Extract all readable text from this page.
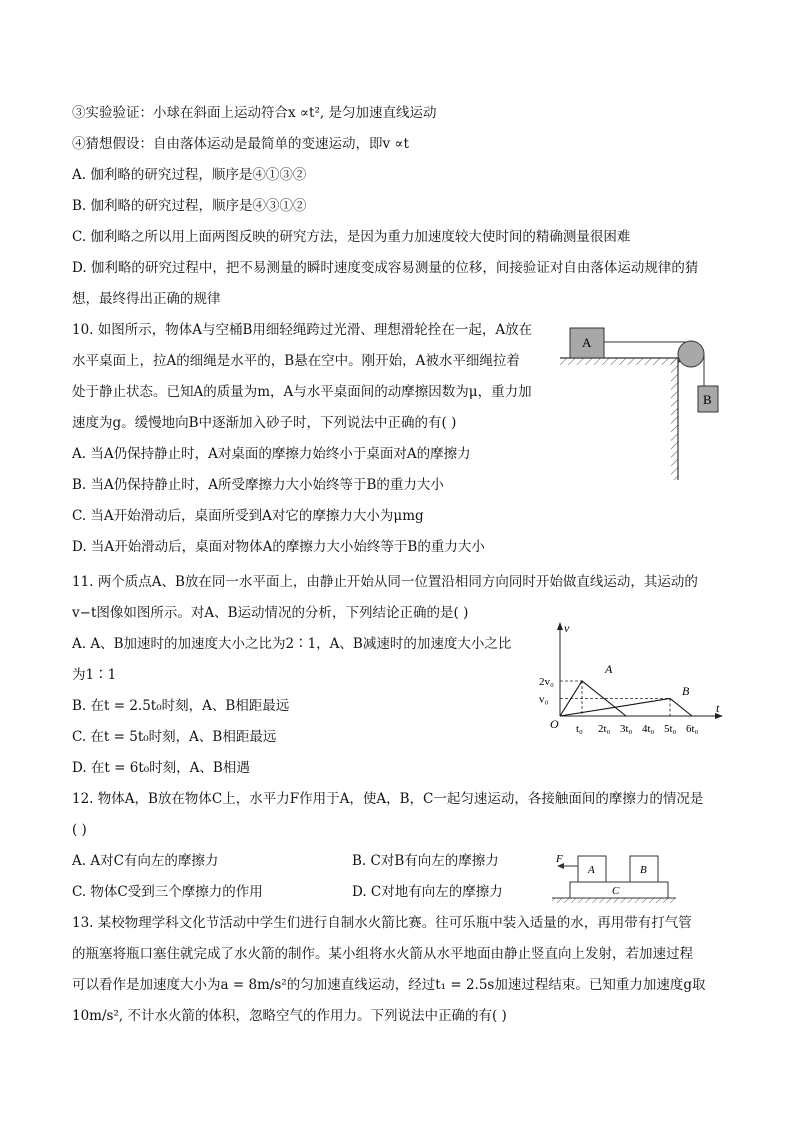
③实验验证：小球在斜面上运动符合x ∝t², 是匀加速直线运动
④猜想假设：自由落体运动是最简单的变速运动，即v ∝t
A. 伽利略的研究过程，顺序是④①③②
B. 伽利略的研究过程，顺序是④③①②
C. 伽利略之所以用上面两图反映的研究方法，是因为重力加速度较大使时间的精确测量很困难
D. 伽利略的研究过程中，把不易测量的瞬时速度变成容易测量的位移，间接验证对自由落体运动规律的猜
想，最终得出正确的规律
10. 如图所示，物体A与空桶B用细轻绳跨过光滑、理想滑轮拴在一起，A放在
水平桌面上，拉A的细绳是水平的，B悬在空中。刚开始，A被水平细绳拉着
处于静止状态。已知A的质量为m，A与水平桌面间的动摩擦因数为μ，重力加
速度为g。缓慢地向B中逐渐加入砂子时，下列说法中正确的有( )
A. 当A仍保持静止时，A对桌面的摩擦力始终小于桌面对A的摩擦力
B. 当A仍保持静止时，A所受摩擦力大小始终等于B的重力大小
C. 当A开始滑动后，桌面所受到A对它的摩擦力大小为μmg
D. 当A开始滑动后，桌面对物体A的摩擦力大小始终等于B的重力大小
A
B
11. 两个质点A、B放在同一水平面上，由静止开始从同一位置沿相同方向同时开始做直线运动，其运动的
v−t图像如图所示。对A、B运动情况的分析，下列结论正确的是( )
A. A、B加速时的加速度大小之比为2∶1，A、B减速时的加速度大小之比
为1∶1
B. 在t = 2.5t₀时刻，A、B相距最远
C. 在t = 5t₀时刻，A、B相距最远
D. 在t = 6t₀时刻，A、B相遇
v
t
O t₀ 2t₀ 3t₀ 4t₀ 5t₀ 6t₀
v₀
2v₀
A
B
12. 物体A，B放在物体C上，水平力F作用于A，使A，B，C一起匀速运动，各接触面间的摩擦力的情况是
( )
A. A对C有向左的摩擦力	B. C对B有向左的摩擦力
C. 物体C受到三个摩擦力的作用	D. C对地有向左的摩擦力	C
A	B
F
13. 某校物理学科文化节活动中学生们进行自制水火箭比赛。往可乐瓶中装入适量的水，再用带有打气管
的瓶塞将瓶口塞住就完成了水火箭的制作。某小组将水火箭从水平地面由静止竖直向上发射，若加速过程
可以看作是加速度大小为a = 8m/s²的匀加速直线运动，经过t₁ = 2.5s加速过程结束。已知重力加速度g取
10m/s², 不计水火箭的体积，忽略空气的作用力。下列说法中正确的有( )
